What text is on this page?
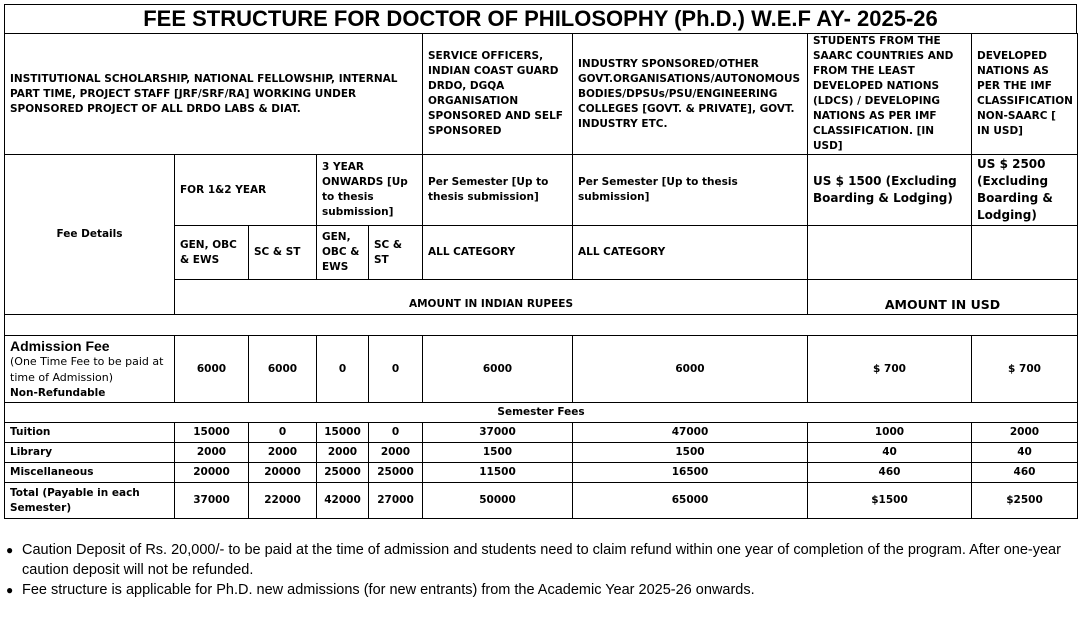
FEE STRUCTURE FOR DOCTOR OF PHILOSOPHY (Ph.D.) W.E.F AY- 2025-26
INSTITUTIONAL SCHOLARSHIP, NATIONAL FELLOWSHIP, INTERNAL PART TIME, PROJECT STAFF [JRF/SRF/RA] WORKING UNDER SPONSORED PROJECT OF ALL DRDO LABS & DIAT.					SERVICE OFFICERS, INDIAN COAST GUARD DRDO, DGQA ORGANISATION SPONSORED AND SELF SPONSORED	INDUSTRY SPONSORED/OTHER GOVT.ORGANISATIONS/AUTONOMOUS BODIES/DPSUs/PSU/ENGINEERING COLLEGES [GOVT. & PRIVATE], GOVT. INDUSTRY ETC.	STUDENTS FROM THE SAARC COUNTRIES AND FROM THE LEAST DEVELOPED NATIONS (LDCS) / DEVELOPING NATIONS AS PER IMF CLASSIFICATION. [IN USD]	DEVELOPED NATIONS AS PER THE IMF CLASSIFICATION NON-SAARC [ IN USD]
Fee Details	FOR 1&2 YEAR		3 YEAR ONWARDS [Up to thesis submission]		Per Semester [Up to thesis submission]	Per Semester [Up to thesis submission]	US $ 1500 (Excluding Boarding & Lodging)	US $ 2500 (Excluding Boarding & Lodging)
	GEN, OBC & EWS	SC & ST	GEN, OBC & EWS	SC & ST	ALL CATEGORY	ALL CATEGORY		
	AMOUNT IN INDIAN RUPEES						AMOUNT IN USD	

Admission Fee
(One Time Fee to be paid at time of Admission)
Non-Refundable	6000	6000	0	0	6000	6000	$ 700	$ 700
Semester Fees								
Tuition	15000	0	15000	0	37000	47000	1000	2000
Library	2000	2000	2000	2000	1500	1500	40	40
Miscellaneous	20000	20000	25000	25000	11500	16500	460	460
Total (Payable in each Semester)	37000	22000	42000	27000	50000	65000	$1500	$2500
● Caution Deposit of Rs. 20,000/- to be paid at the time of admission and students need to claim refund within one year of completion of the program. After one-year caution deposit will not be refunded.
● Fee structure is applicable for Ph.D. new admissions (for new entrants) from the Academic Year 2025-26 onwards.
